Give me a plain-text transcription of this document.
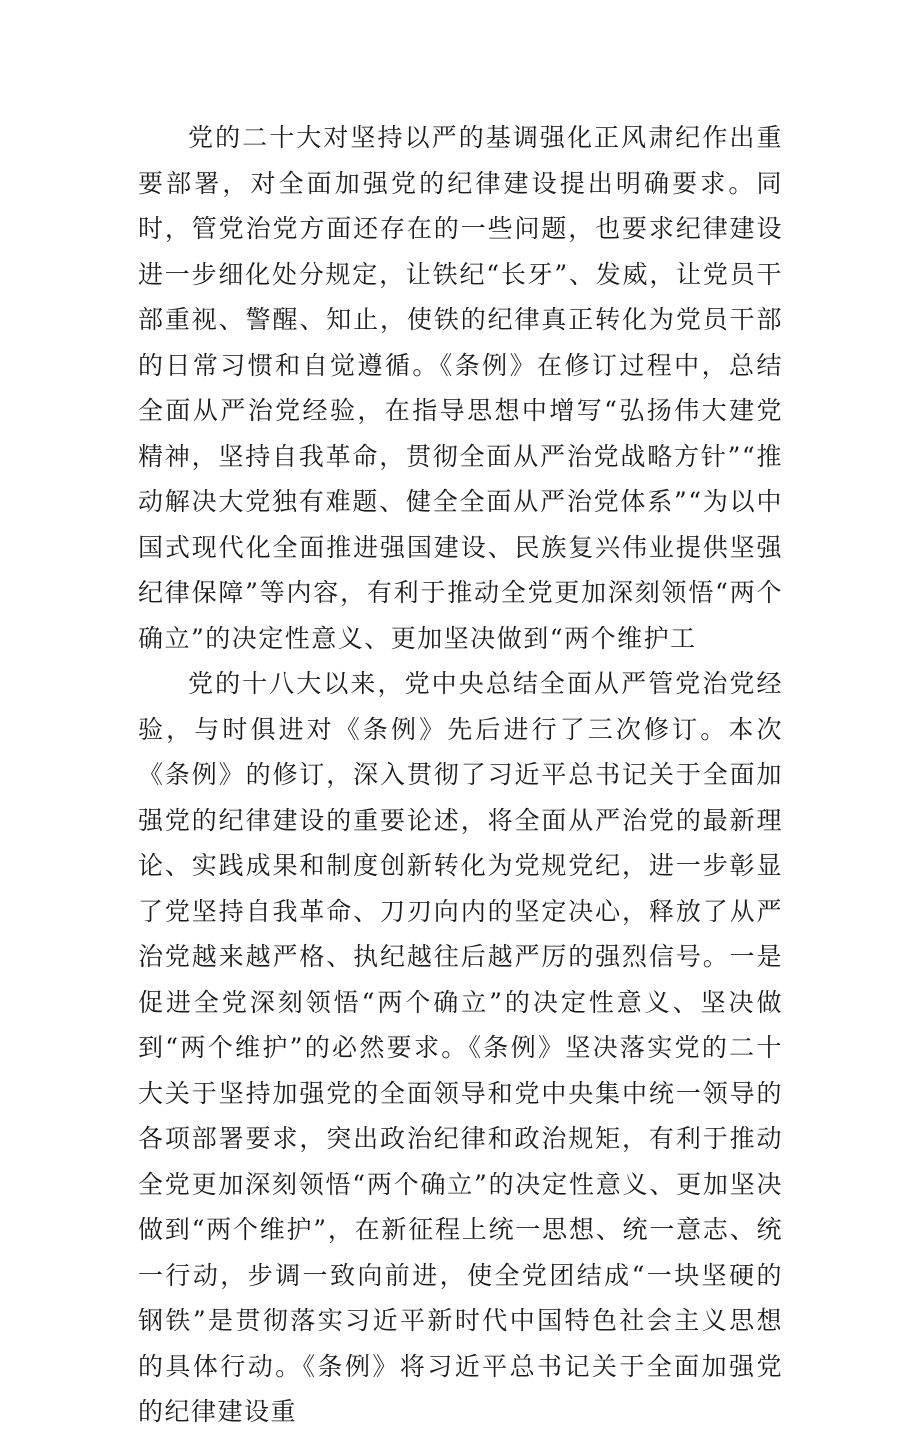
党的二十大对坚持以严的基调强化正风肃纪作出重要部署，对全面加强党的纪律建设提出明确要求。同时，管党治党方面还存在的一些问题，也要求纪律建设进一步细化处分规定，让铁纪“长牙”、发威，让党员干部重视、警醒、知止，使铁的纪律真正转化为党员干部的日常习惯和自觉遵循。《条例》在修订过程中，总结全面从严治党经验，在指导思想中增写“弘扬伟大建党精神，坚持自我革命，贯彻全面从严治党战略方针”“推动解决大党独有难题、健全全面从严治党体系”“为以中国式现代化全面推进强国建设、民族复兴伟业提供坚强纪律保障”等内容，有利于推动全党更加深刻领悟“两个确立”的决定性意义、更加坚决做到“两个维护工

党的十八大以来，党中央总结全面从严管党治党经验，与时俱进对《条例》先后进行了三次修订。本次《条例》的修订，深入贯彻了习近平总书记关于全面加强党的纪律建设的重要论述，将全面从严治党的最新理论、实践成果和制度创新转化为党规党纪，进一步彰显了党坚持自我革命、刀刃向内的坚定决心，释放了从严治党越来越严格、执纪越往后越严厉的强烈信号。一是促进全党深刻领悟“两个确立”的决定性意义、坚决做到“两个维护”的必然要求。《条例》坚决落实党的二十大关于坚持加强党的全面领导和党中央集中统一领导的各项部署要求，突出政治纪律和政治规矩，有利于推动全党更加深刻领悟“两个确立”的决定性意义、更加坚决做到“两个维护”，在新征程上统一思想、统一意志、统一行动，步调一致向前进，使全党团结成“一块坚硬的钢铁”是贯彻落实习近平新时代中国特色社会主义思想的具体行动。《条例》将习近平总书记关于全面加强党的纪律建设重
